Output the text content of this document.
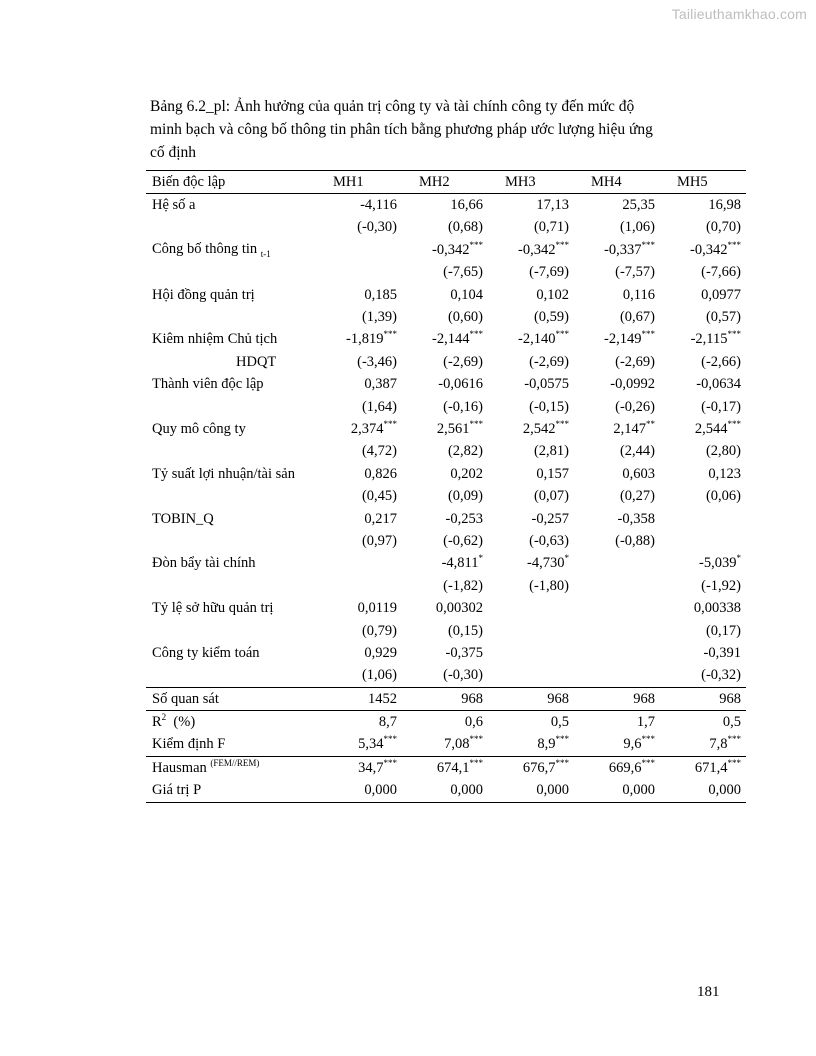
Tailieuthamkhao.com
Bảng 6.2_pl: Ảnh hưởng của quản trị công ty và tài chính công ty đến mức độ
minh bạch và công bố thông tin phân tích bằng phương pháp ước lượng hiệu ứng
cố định
Biến độc lập	MH1	MH2	MH3	MH4	MH5
Hệ số a	-4,116	16,66	17,13	25,35	16,98
	(-0,30)	(0,68)	(0,71)	(1,06)	(0,70)
Công bố thông tin $_{t-1}$		-0,342***	-0,342***	-0,337***	-0,342***
		(-7,65)	(-7,69)	(-7,57)	(-7,66)
Hội đồng quản trị	0,185	0,104	0,102	0,116	0,0977
	(1,39)	(0,60)	(0,59)	(0,67)	(0,57)
Kiêm nhiệm Chủ tịch	-1,819***	-2,144***	-2,140***	-2,149***	-2,115***
HDQT	(-3,46)	(-2,69)	(-2,69)	(-2,69)	(-2,66)
Thành viên độc lập	0,387	-0,0616	-0,0575	-0,0992	-0,0634
	(1,64)	(-0,16)	(-0,15)	(-0,26)	(-0,17)
Quy mô công ty	2,374***	2,561***	2,542***	2,147**	2,544***
	(4,72)	(2,82)	(2,81)	(2,44)	(2,80)
Tỷ suất lợi nhuận/tài sản	0,826	0,202	0,157	0,603	0,123
	(0,45)	(0,09)	(0,07)	(0,27)	(0,06)
TOBIN_Q	0,217	-0,253	-0,257	-0,358	
	(0,97)	(-0,62)	(-0,63)	(-0,88)	
Đòn bẩy tài chính		-4,811*	-4,730*		-5,039*
		(-1,82)	(-1,80)		(-1,92)
Tỷ lệ sở hữu quản trị	0,0119	0,00302			0,00338
	(0,79)	(0,15)			(0,17)
Công ty kiểm toán	0,929	-0,375			-0,391
	(1,06)	(-0,30)			(-0,32)
Số quan sát	1452	968	968	968	968
$R^2$  (%)	8,7	0,6	0,5	1,7	0,5
Kiểm định F	5,34***	7,08***	8,9***	9,6***	7,8***
Hausman $^{(FEM//REM)}$	34,7***	674,1***	676,7***	669,6***	671,4***
Giá trị P	0,000	0,000	0,000	0,000	0,000
181
